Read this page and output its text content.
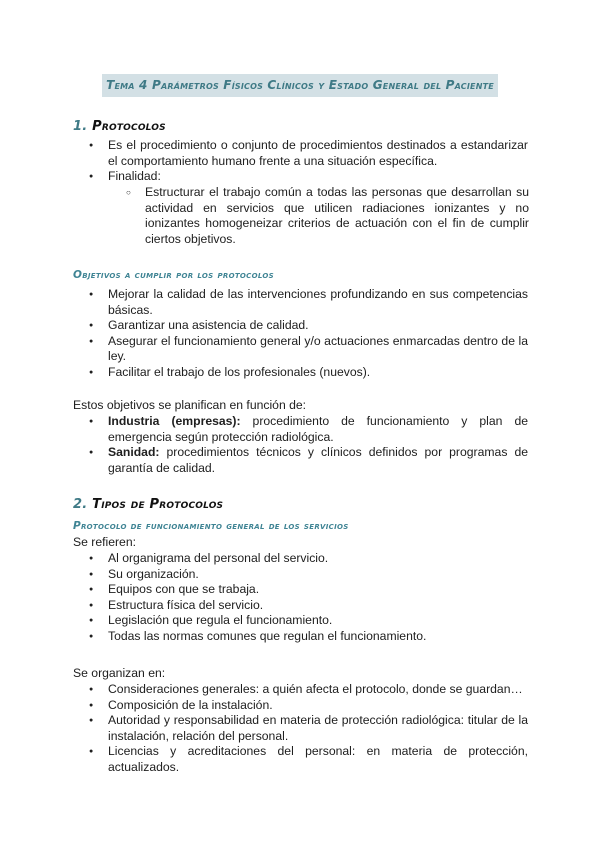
Tema 4 Parámetros Físicos Clínicos y Estado General del Paciente
1. Protocolos
● Es el procedimiento o conjunto de procedimientos destinados a estandarizar el comportamiento humano frente a una situación específica.
● Finalidad:
○ Estructurar el trabajo común a todas las personas que desarrollan su actividad en servicios que utilicen radiaciones ionizantes y no ionizantes homogeneizar criterios de actuación con el fin de cumplir ciertos objetivos.
Objetivos a cumplir por los protocolos
● Mejorar la calidad de las intervenciones profundizando en sus competencias básicas.
● Garantizar una asistencia de calidad.
● Asegurar el funcionamiento general y/o actuaciones enmarcadas dentro de la ley.
● Facilitar el trabajo de los profesionales (nuevos).
Estos objetivos se planifican en función de:
● Industria (empresas): procedimiento de funcionamiento y plan de emergencia según protección radiológica.
● Sanidad: procedimientos técnicos y clínicos definidos por programas de garantía de calidad.
2. Tipos de Protocolos
Protocolo de funcionamiento general de los servicios
Se refieren:
● Al organigrama del personal del servicio.
● Su organización.
● Equipos con que se trabaja.
● Estructura física del servicio.
● Legislación que regula el funcionamiento.
● Todas las normas comunes que regulan el funcionamiento.
Se organizan en:
● Consideraciones generales: a quién afecta el protocolo, donde se guardan…
● Composición de la instalación.
● Autoridad y responsabilidad en materia de protección radiológica: titular de la instalación, relación del personal.
● Licencias y acreditaciones del personal: en materia de protección, actualizados.
